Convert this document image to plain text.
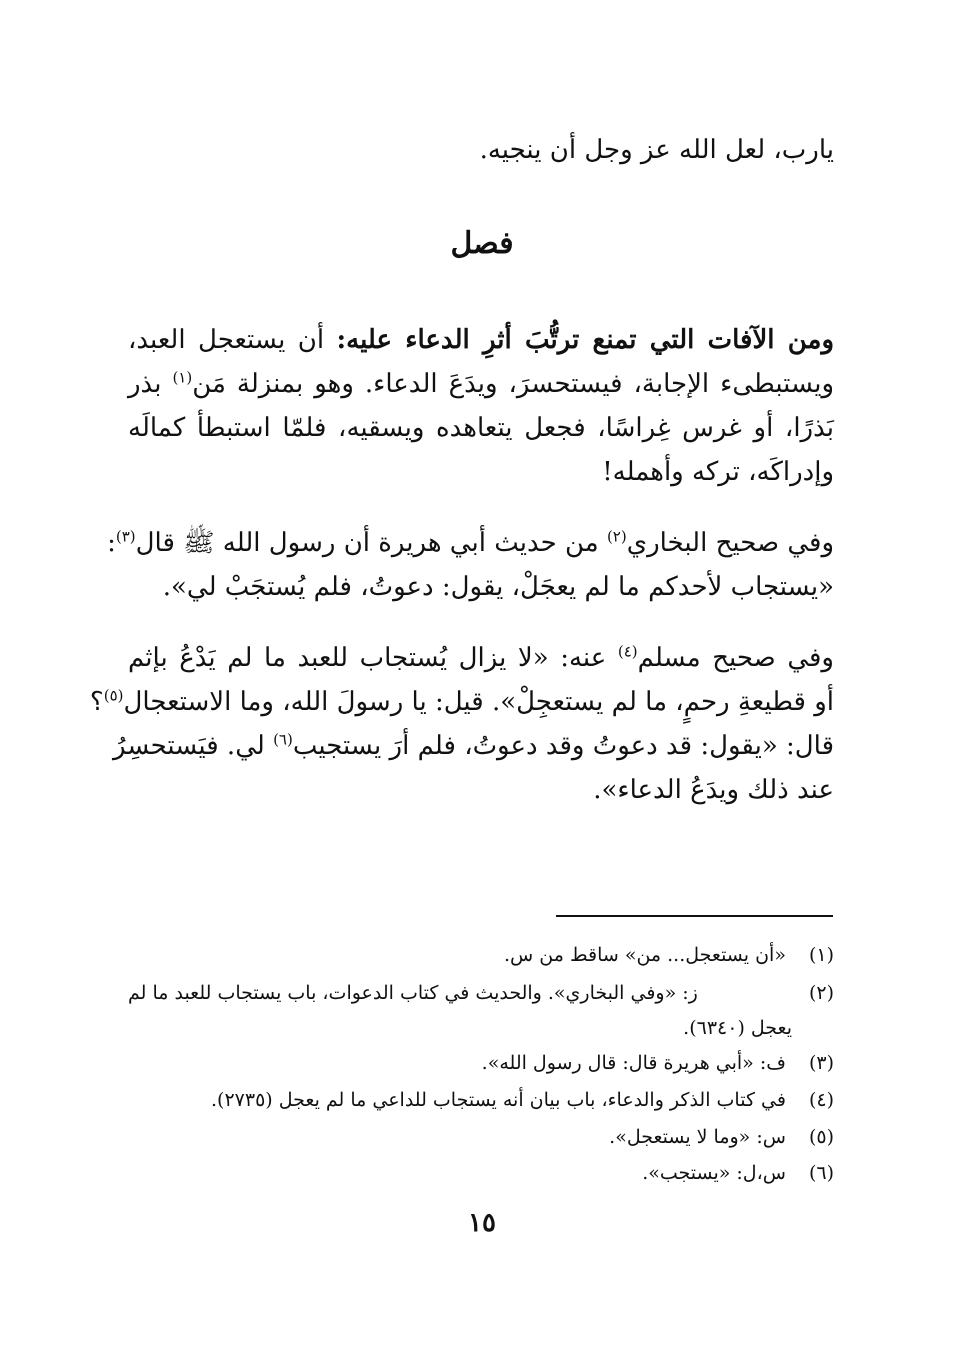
يارب، لعل الله عز وجل أن ينجيه.
فصل
ومن الآفات التي تمنع ترتُّبَ أثرِ الدعاء عليه: أن يستعجل العبد،
ويستبطىء الإجابة، فيستحسرَ، ويدَعَ الدعاء. وهو بمنزلة مَن$^{(١)}$ بذر
بَذرًا، أو غرس غِراسًا، فجعل يتعاهده ويسقيه، فلمّا استبطأ كمالَه
وإدراكَه، تركه وأهمله!
وفي صحيح البخاري$^{(٢)}$ من حديث أبي هريرة أن رسول الله ﷺ قال$^{(٣)}$:
«يستجاب لأحدكم ما لم يعجَلْ، يقول: دعوتُ، فلم يُستجَبْ لي».
وفي صحيح مسلم$^{(٤)}$ عنه: «لا يزال يُستجاب للعبد ما لم يَدْعُ بإثم
أو قطيعةِ رحمٍ، ما لم يستعجِلْ». قيل: يا رسولَ الله، وما الاستعجال$^{(٥)}$؟
قال: «يقول: قد دعوتُ وقد دعوتُ، فلم أرَ يستجيب$^{(٦)}$ لي. فيَستحسِرُ
عند ذلك ويدَعُ الدعاء».
(١) «أن يستعجل... من» ساقط من س.
(٢) ز: «وفي البخاري». والحديث في كتاب الدعوات، باب يستجاب للعبد ما لم
يعجل (٦٣٤٠).
(٣) ف: «أبي هريرة قال: قال رسول الله».
(٤) في كتاب الذكر والدعاء، باب بيان أنه يستجاب للداعي ما لم يعجل (٢٧٣٥).
(٥) س: «وما لا يستعجل».
(٦) س،ل: «يستجب».
١٥
